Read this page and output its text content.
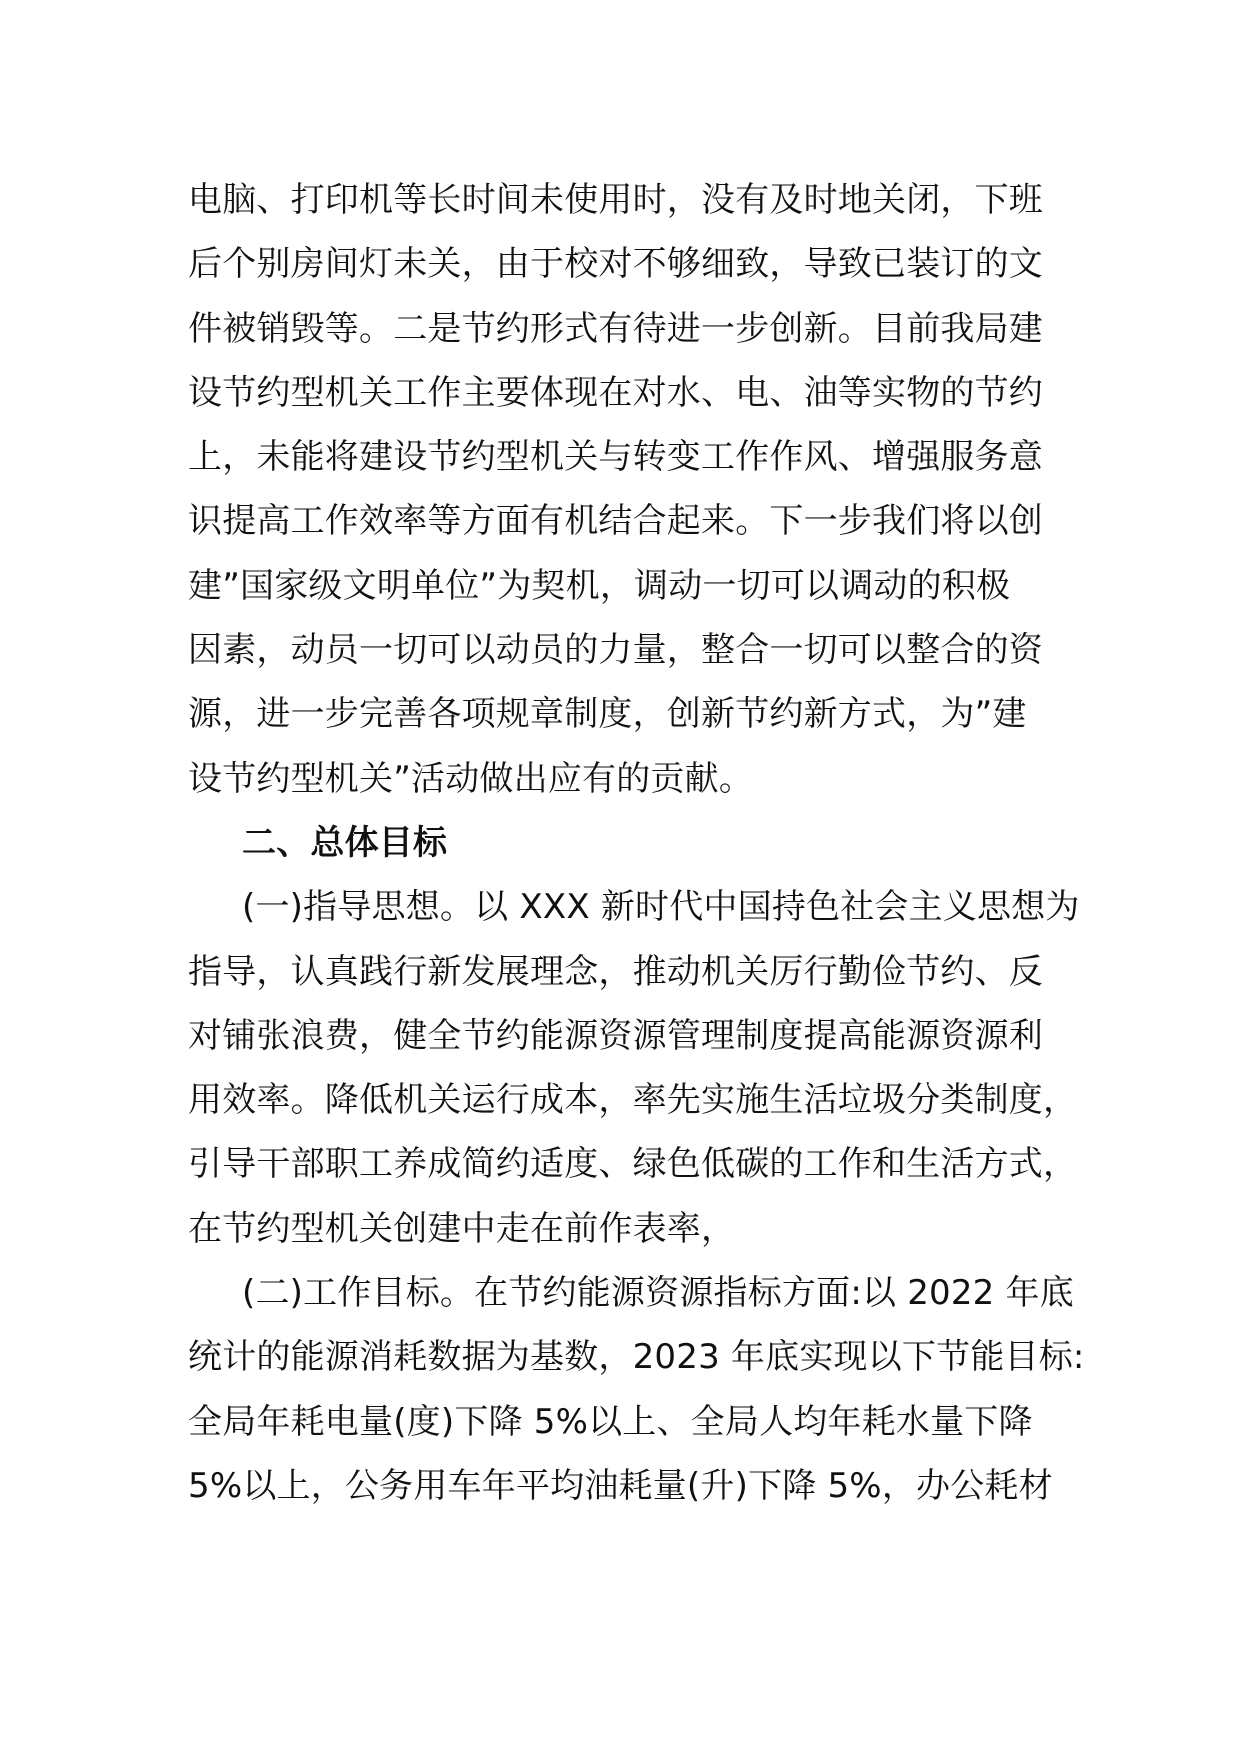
电脑、打印机等长时间未使用时，没有及时地关闭，下班
后个别房间灯未关，由于校对不够细致，导致已装订的文
件被销毁等。二是节约形式有待进一步创新。目前我局建
设节约型机关工作主要体现在对水、电、油等实物的节约
上，未能将建设节约型机关与转变工作作风、增强服务意
识提高工作效率等方面有机结合起来。下一步我们将以创
建”国家级文明单位”为契机，调动一切可以调动的积极
因素，动员一切可以动员的力量，整合一切可以整合的资
源，进一步完善各项规章制度，创新节约新方式，为”建
设节约型机关”活动做出应有的贡献。
二、总体目标
(一)指导思想。以 XXX 新时代中国持色社会主义思想为
指导，认真践行新发展理念，推动机关厉行勤俭节约、反
对铺张浪费，健全节约能源资源管理制度提高能源资源利
用效率。降低机关运行成本，率先实施生活垃圾分类制度，
引导干部职工养成简约适度、绿色低碳的工作和生活方式，
在节约型机关创建中走在前作表率，
(二)工作目标。在节约能源资源指标方面:以 2022 年底
统计的能源消耗数据为基数，2023 年底实现以下节能目标:
全局年耗电量(度)下降 5%以上、全局人均年耗水量下降
5%以上，公务用车年平均油耗量(升)下降 5%，办公耗材
